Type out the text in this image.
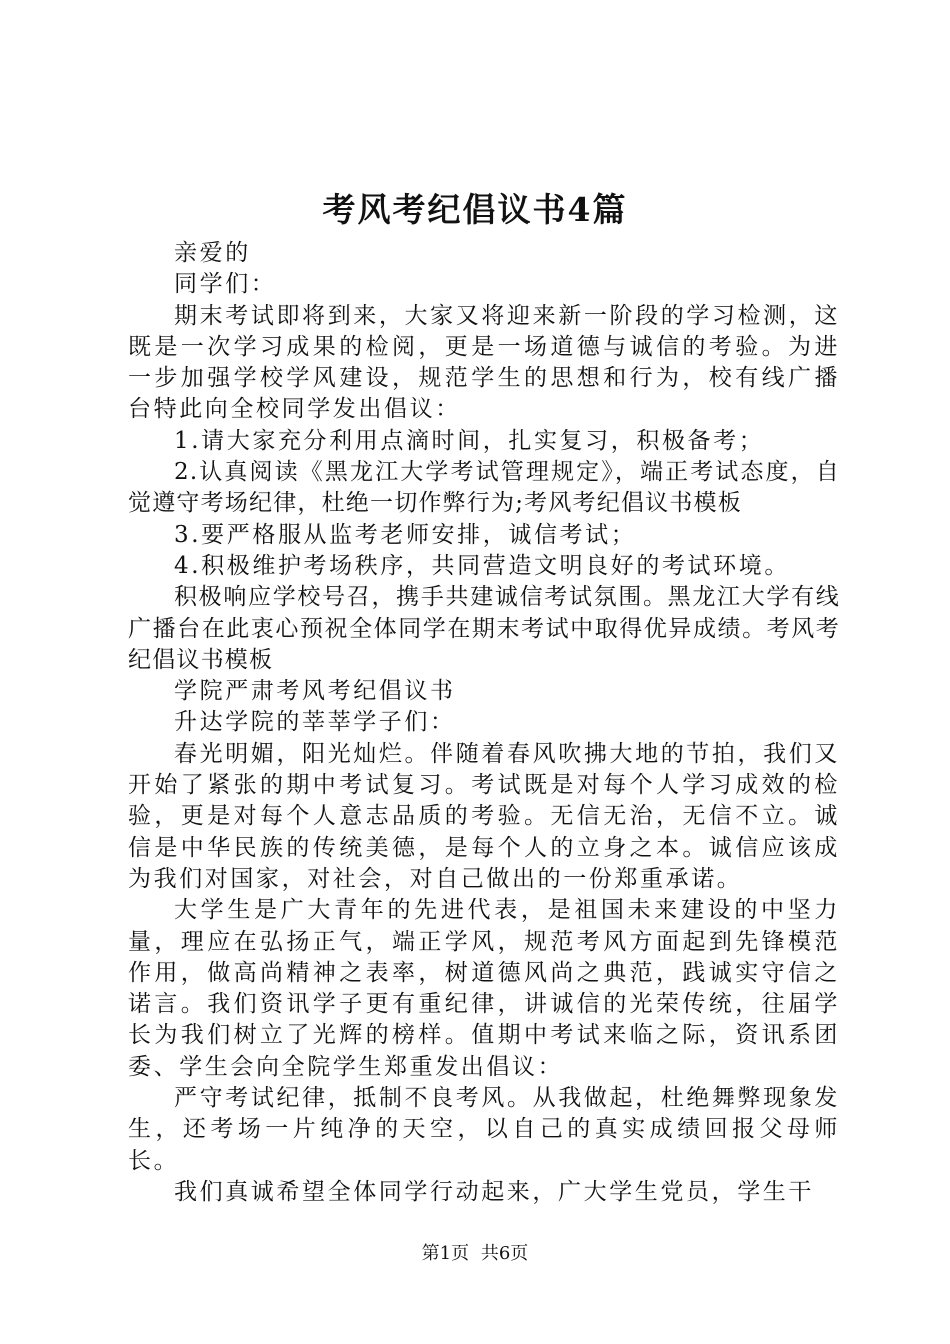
考风考纪倡议书4篇

亲爱的

同学们：

期末考试即将到来，大家又将迎来新一阶段的学习检测，这既是一次学习成果的检阅，更是一场道德与诚信的考验。为进一步加强学校学风建设，规范学生的思想和行为，校有线广播台特此向全校同学发出倡议：

1.请大家充分利用点滴时间，扎实复习，积极备考；

2.认真阅读《黑龙江大学考试管理规定》，端正考试态度，自觉遵守考场纪律，杜绝一切作弊行为;考风考纪倡议书模板

3.要严格服从监考老师安排，诚信考试；

4.积极维护考场秩序，共同营造文明良好的考试环境。

积极响应学校号召，携手共建诚信考试氛围。黑龙江大学有线广播台在此衷心预祝全体同学在期末考试中取得优异成绩。考风考纪倡议书模板

学院严肃考风考纪倡议书

升达学院的莘莘学子们：

春光明媚，阳光灿烂。伴随着春风吹拂大地的节拍，我们又开始了紧张的期中考试复习。考试既是对每个人学习成效的检验，更是对每个人意志品质的考验。无信无治，无信不立。诚信是中华民族的传统美德，是每个人的立身之本。诚信应该成为我们对国家，对社会，对自己做出的一份郑重承诺。

大学生是广大青年的先进代表，是祖国未来建设的中坚力量，理应在弘扬正气，端正学风，规范考风方面起到先锋模范作用，做高尚精神之表率，树道德风尚之典范，践诚实守信之诺言。我们资讯学子更有重纪律，讲诚信的光荣传统，往届学长为我们树立了光辉的榜样。值期中考试来临之际，资讯系团委、学生会向全院学生郑重发出倡议：

严守考试纪律，抵制不良考风。从我做起，杜绝舞弊现象发生，还考场一片纯净的天空，以自己的真实成绩回报父母师长。

我们真诚希望全体同学行动起来，广大学生党员，学生干

第1页 共6页
